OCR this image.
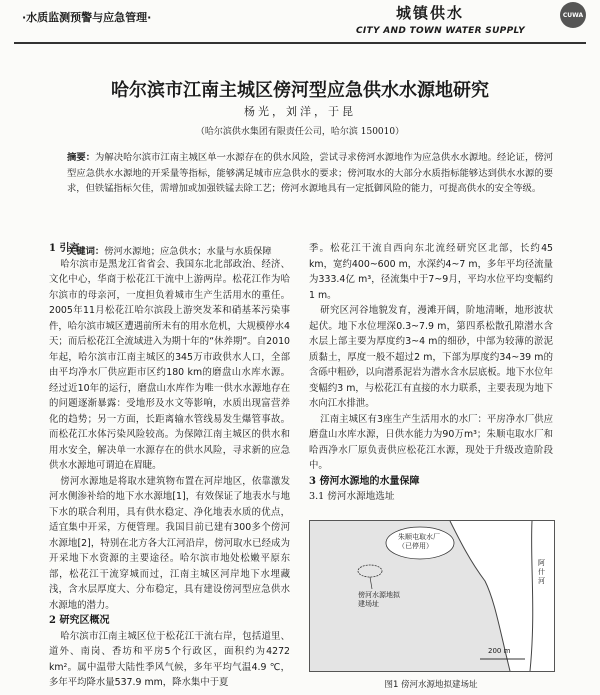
·水质监测预警与应急管理·	城镇供水
CITY AND TOWN WATER SUPPLY
CUWA
哈尔滨市江南主城区傍河型应急供水水源地研究
杨光，刘洋，于昆
（哈尔滨供水集团有限责任公司，哈尔滨 150010）
摘要：为解决哈尔滨市江南主城区单一水源存在的供水风险，尝试寻求傍河水源地作为应急供水水源地。经论证，傍河型应急供水水源地的开采量等指标，能够满足城市应急供水的要求；傍河取水的大部分水质指标能够达到供水水源的要求，但铁锰指标欠佳，需增加或加强铁锰去除工艺；傍河水源地具有一定抵御风险的能力，可提高供水的安全等级。
关键词：傍河水源地；应急供水；水量与水质保障
1 引言

哈尔滨市是黑龙江省省会、我国东北北部政治、经济、文化中心，华商于松花江干流中上游两岸。松花江作为哈尔滨市的母亲河，一度担负着城市生产生活用水的重任。2005年11月松花江哈尔滨段上游突发苯和硝基苯污染事件，哈尔滨市城区遭遇前所未有的用水危机，大规模停水4天；而后松花江全流域进入为期十年的“休养期”。自2010年起，哈尔滨市江南主城区的345万市政供水人口，全部由平均净水厂供应距市区约180 km的磨盘山水库水源。经过近10年的运行，磨盘山水库作为唯一供水水源地存在的问题逐渐暴露：受地形及水文等影响，水质出现富营养化的趋势；另一方面，长距离输水管线易发生爆管事故。而松花江水体污染风险较高。为保障江南主城区的供水和用水安全，解决单一水源存在的供水风险，寻求新的应急供水水源地可谓迫在眉睫。

傍河水源地是将取水建筑物布置在河岸地区，依靠激发河水侧渗补给的地下水水源地[1]，有效保证了地表水与地下水的联合利用，具有供水稳定、净化地表水质的优点，适宜集中开采，方便管理。我国目前已建有300多个傍河水源地[2]，特别在北方各大江河沿岸，傍河取水已经成为开采地下水资源的主要途径。哈尔滨市地处松嫩平原东部，松花江干流穿城而过，江南主城区河岸地下水埋藏浅，含水层厚度大、分布稳定，具有建设傍河型应急供水水源地的潜力。

2 研究区概况

哈尔滨市江南主城区位于松花江干流右岸，包括道里、道外、南岗、香坊和平房5个行政区，面积约为4272 km²。属中温带大陆性季风气候，多年平均气温4.9 ℃，多年平均降水量537.9 mm，降水集中于夏

季。松花江干流自西向东北流经研究区北部，长约45 km，宽约400~600 m，水深约4~7 m，多年平均径流量为333.4亿 m³，径流集中于7~9月，平均水位平均变幅约1 m。

研究区河谷地貌发育，漫滩开阔，阶地清晰，地形波状起伏。地下水位埋深0.3~7.9 m，第四系松散孔隙潜水含水层上部主要为厚度约3~4 m的细砂，中部为较薄的淤泥质黏土，厚度一般不超过2 m，下部为厚度约34~39 m的含砾中粗砂，以向潜系泥岩为潜水含水层底板。地下水位年变幅约3 m，与松花江有直接的水力联系，主要表现为地下水向江水排泄。

江南主城区有3座生产生活用水的水厂：平房净水厂供应磨盘山水库水源，日供水能力为90万m³；朱顺屯取水厂和哈西净水厂原负责供应松花江水源，现处于升级改造阶段中。

3 傍河水源地的水量保障

3.1 傍河水源地选址

朱顺屯取水厂（已停用）
傍河水源地拟建场址
阿什河
200 m
图1 傍河水源地拟建场址
